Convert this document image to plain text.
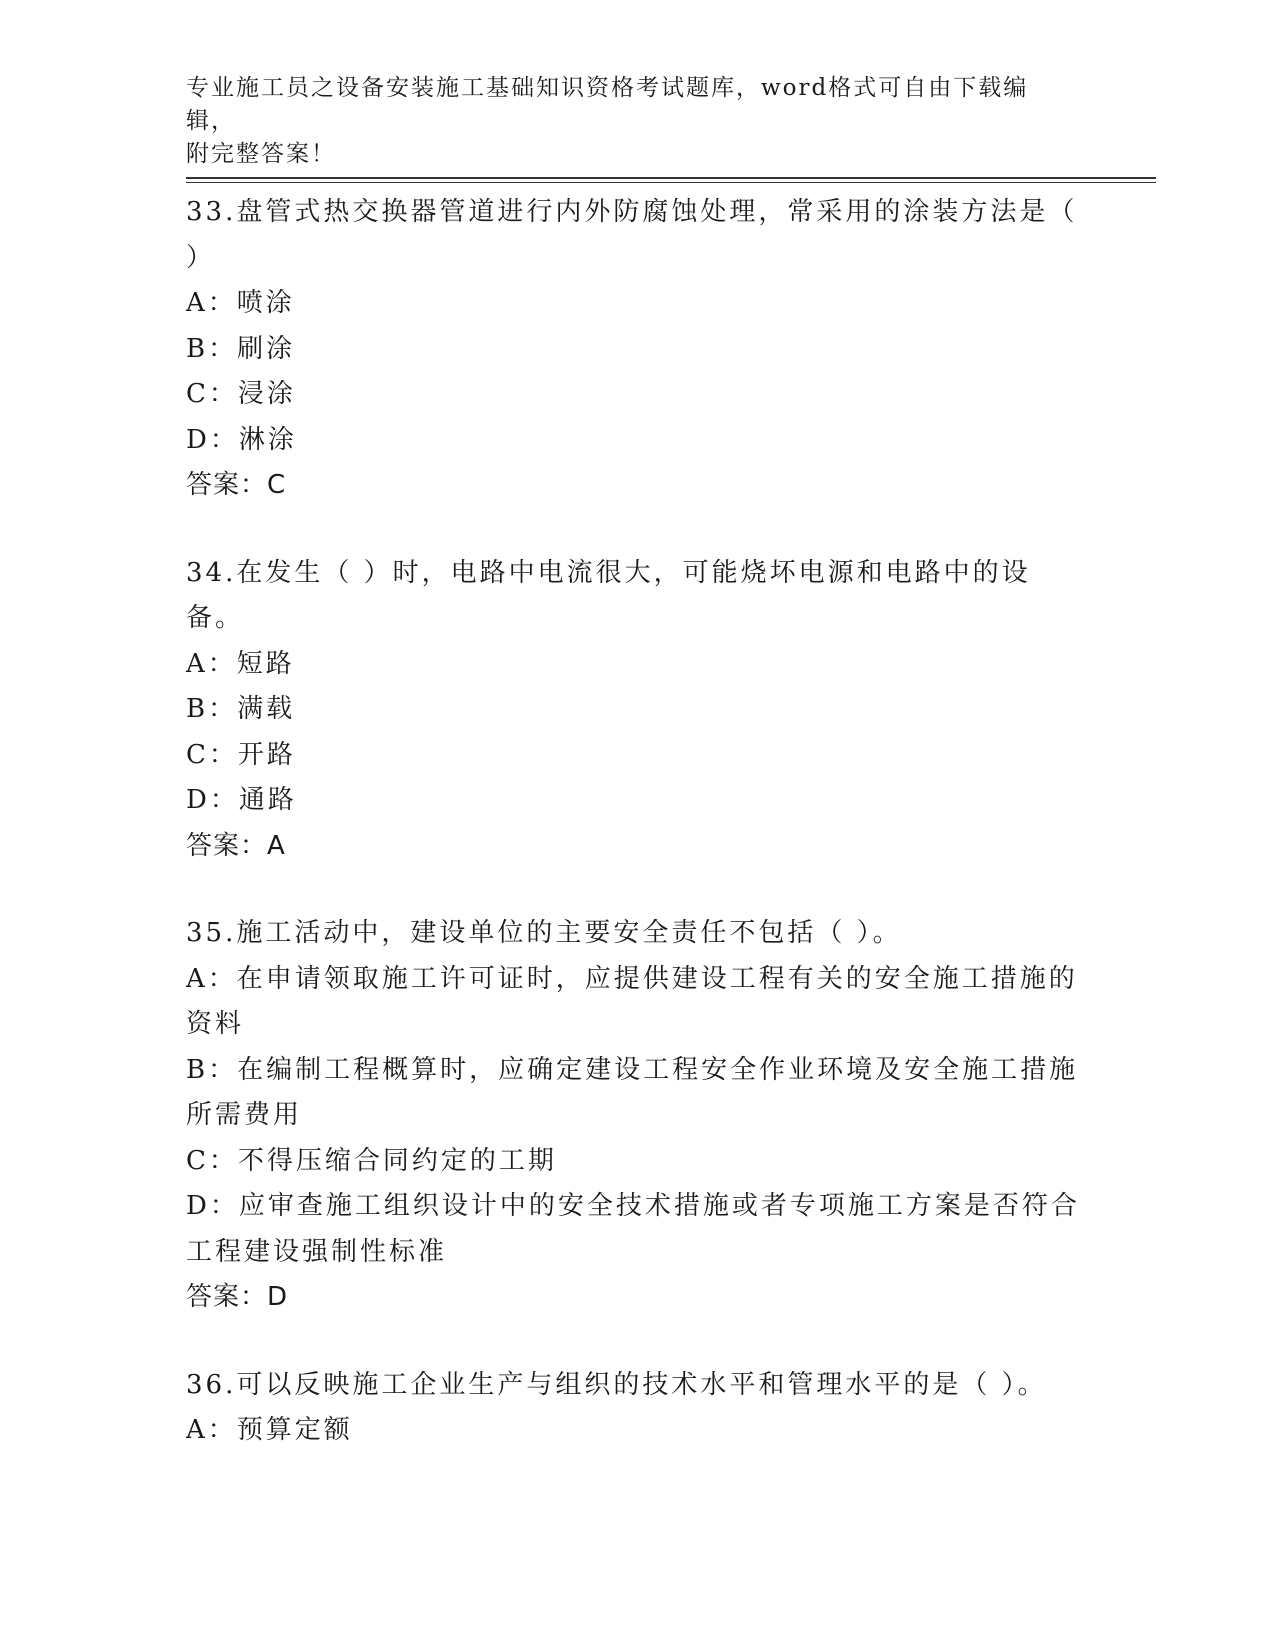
专业施工员之设备安装施工基础知识资格考试题库，word格式可自由下载编辑，
附完整答案！

33.盘管式热交换器管道进行内外防腐蚀处理，常采用的涂装方法是（ ）

A：喷涂

B：刷涂

C：浸涂

D：淋涂

答案：C

34.在发生（ ）时，电路中电流很大，可能烧坏电源和电路中的设备。

A：短路

B：满载

C：开路

D：通路

答案：A

35.施工活动中，建设单位的主要安全责任不包括（ ）。

A：在申请领取施工许可证时，应提供建设工程有关的安全施工措施的资料

B：在编制工程概算时，应确定建设工程安全作业环境及安全施工措施所需费用

C：不得压缩合同约定的工期

D：应审查施工组织设计中的安全技术措施或者专项施工方案是否符合工程建设强制性标准

答案：D

36.可以反映施工企业生产与组织的技术水平和管理水平的是（ ）。

A：预算定额
